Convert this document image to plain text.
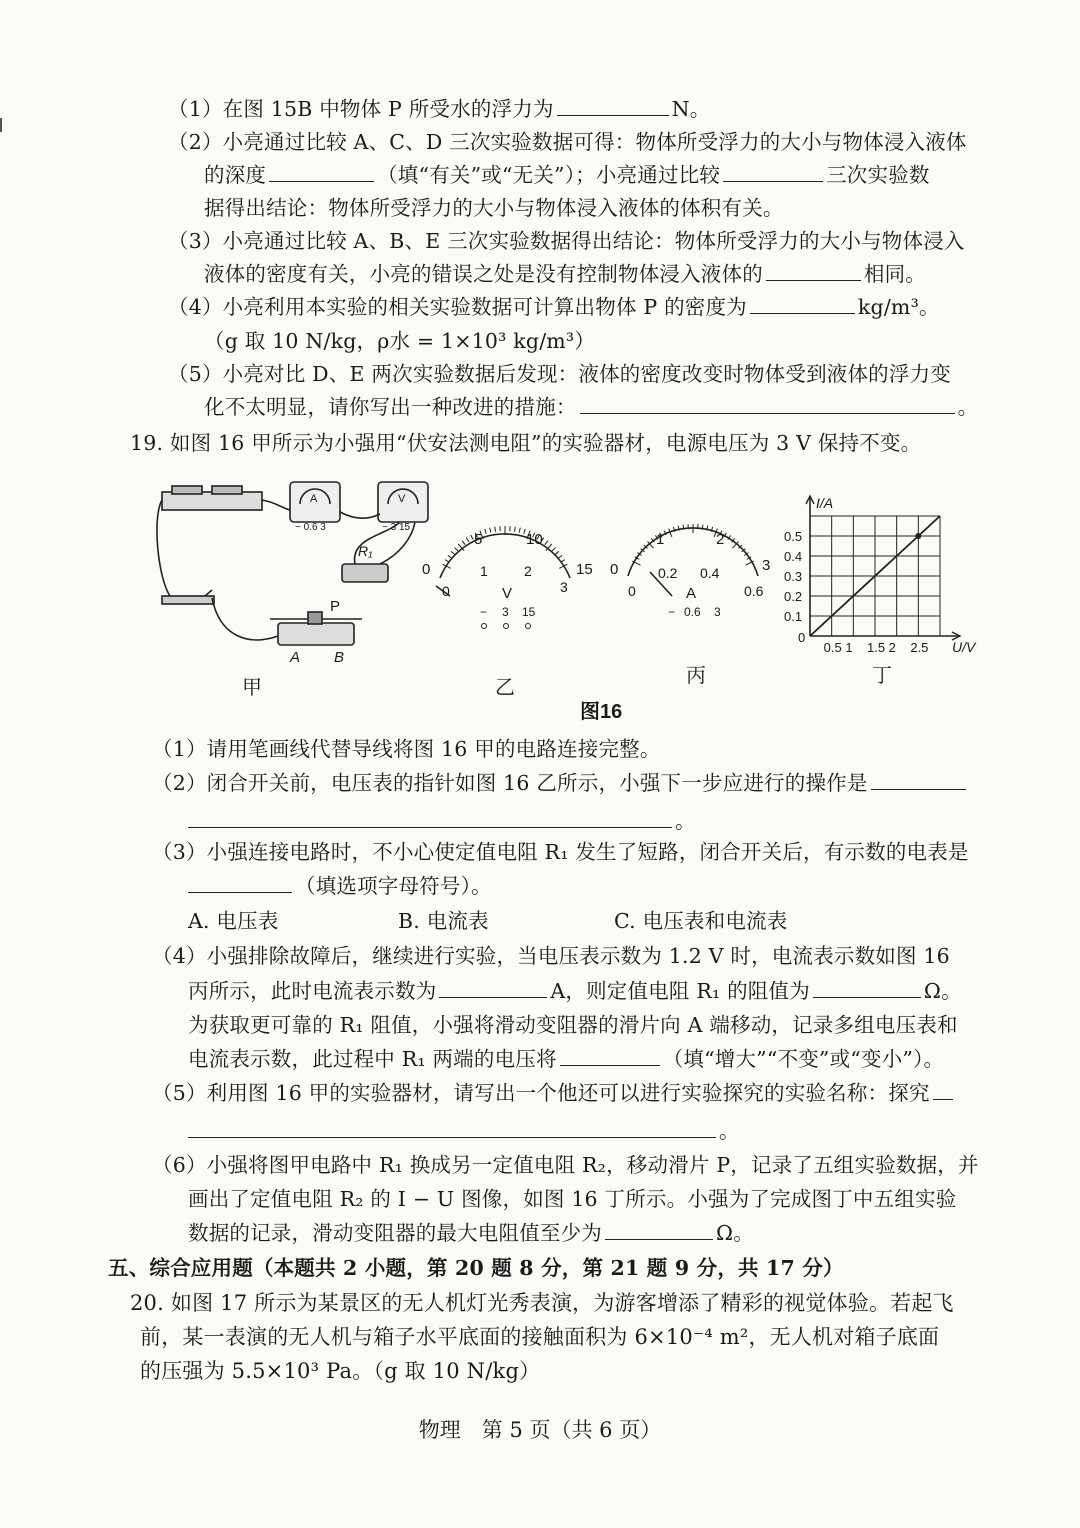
（1）在图 15B 中物体 P 所受水的浮力为	N。
（2）小亮通过比较 A、C、D 三次实验数据可得：物体所受浮力的大小与物体浸入液体
的深度	（填“有关”或“无关”）；小亮通过比较	三次实验数
据得出结论：物体所受浮力的大小与物体浸入液体的体积有关。
（3）小亮通过比较 A、B、E 三次实验数据得出结论：物体所受浮力的大小与物体浸入
液体的密度有关，小亮的错误之处是没有控制物体浸入液体的	相同。
（4）小亮利用本实验的相关实验数据可计算出物体 P 的密度为	kg/m³。
（g 取 10 N/kg，ρ水 = 1×10³ kg/m³）
（5）小亮对比 D、E 两次实验数据后发现：液体的密度改变时物体受到液体的浮力变
化不太明显，请你写出一种改进的措施：	。
19. 如图 16 甲所示为小强用“伏安法测电阻”的实验器材，电源电压为 3 V 保持不变。
P
A B
R₁
A	V
− 0.6 3	− 3 15
甲
5	10
0	15
0
1	2
3
V
− 3 15
乙
1	2
0	3
0
0.2 0.4
0.6
A
− 0.6 3
丙
I/A
U/V
0
丁
0.5 1 1.5 2 2.5
0.1
0.2
0.3
0.4
0.5
图16
（1）请用笔画线代替导线将图 16 甲的电路连接完整。
（2）闭合开关前，电压表的指针如图 16 乙所示，小强下一步应进行的操作是
。
（3）小强连接电路时，不小心使定值电阻 R₁ 发生了短路，闭合开关后，有示数的电表是
（填选项字母符号）。
A. 电压表	B. 电流表	C. 电压表和电流表
（4）小强排除故障后，继续进行实验，当电压表示数为 1.2 V 时，电流表示数如图 16
丙所示，此时电流表示数为	A，则定值电阻 R₁ 的阻值为	Ω。
为获取更可靠的 R₁ 阻值，小强将滑动变阻器的滑片向 A 端移动，记录多组电压表和
电流表示数，此过程中 R₁ 两端的电压将	（填“增大”“不变”或“变小”）。
（5）利用图 16 甲的实验器材，请写出一个他还可以进行实验探究的实验名称：探究
。
（6）小强将图甲电路中 R₁ 换成另一定值电阻 R₂，移动滑片 P，记录了五组实验数据，并
画出了定值电阻 R₂ 的 I − U 图像，如图 16 丁所示。小强为了完成图丁中五组实验
数据的记录，滑动变阻器的最大电阻值至少为	Ω。
五、综合应用题（本题共 2 小题，第 20 题 8 分，第 21 题 9 分，共 17 分）
20. 如图 17 所示为某景区的无人机灯光秀表演，为游客增添了精彩的视觉体验。若起飞
前，某一表演的无人机与箱子水平底面的接触面积为 6×10⁻⁴ m²，无人机对箱子底面
的压强为 5.5×10³ Pa。（g 取 10 N/kg）
物理　第 5 页（共 6 页）
